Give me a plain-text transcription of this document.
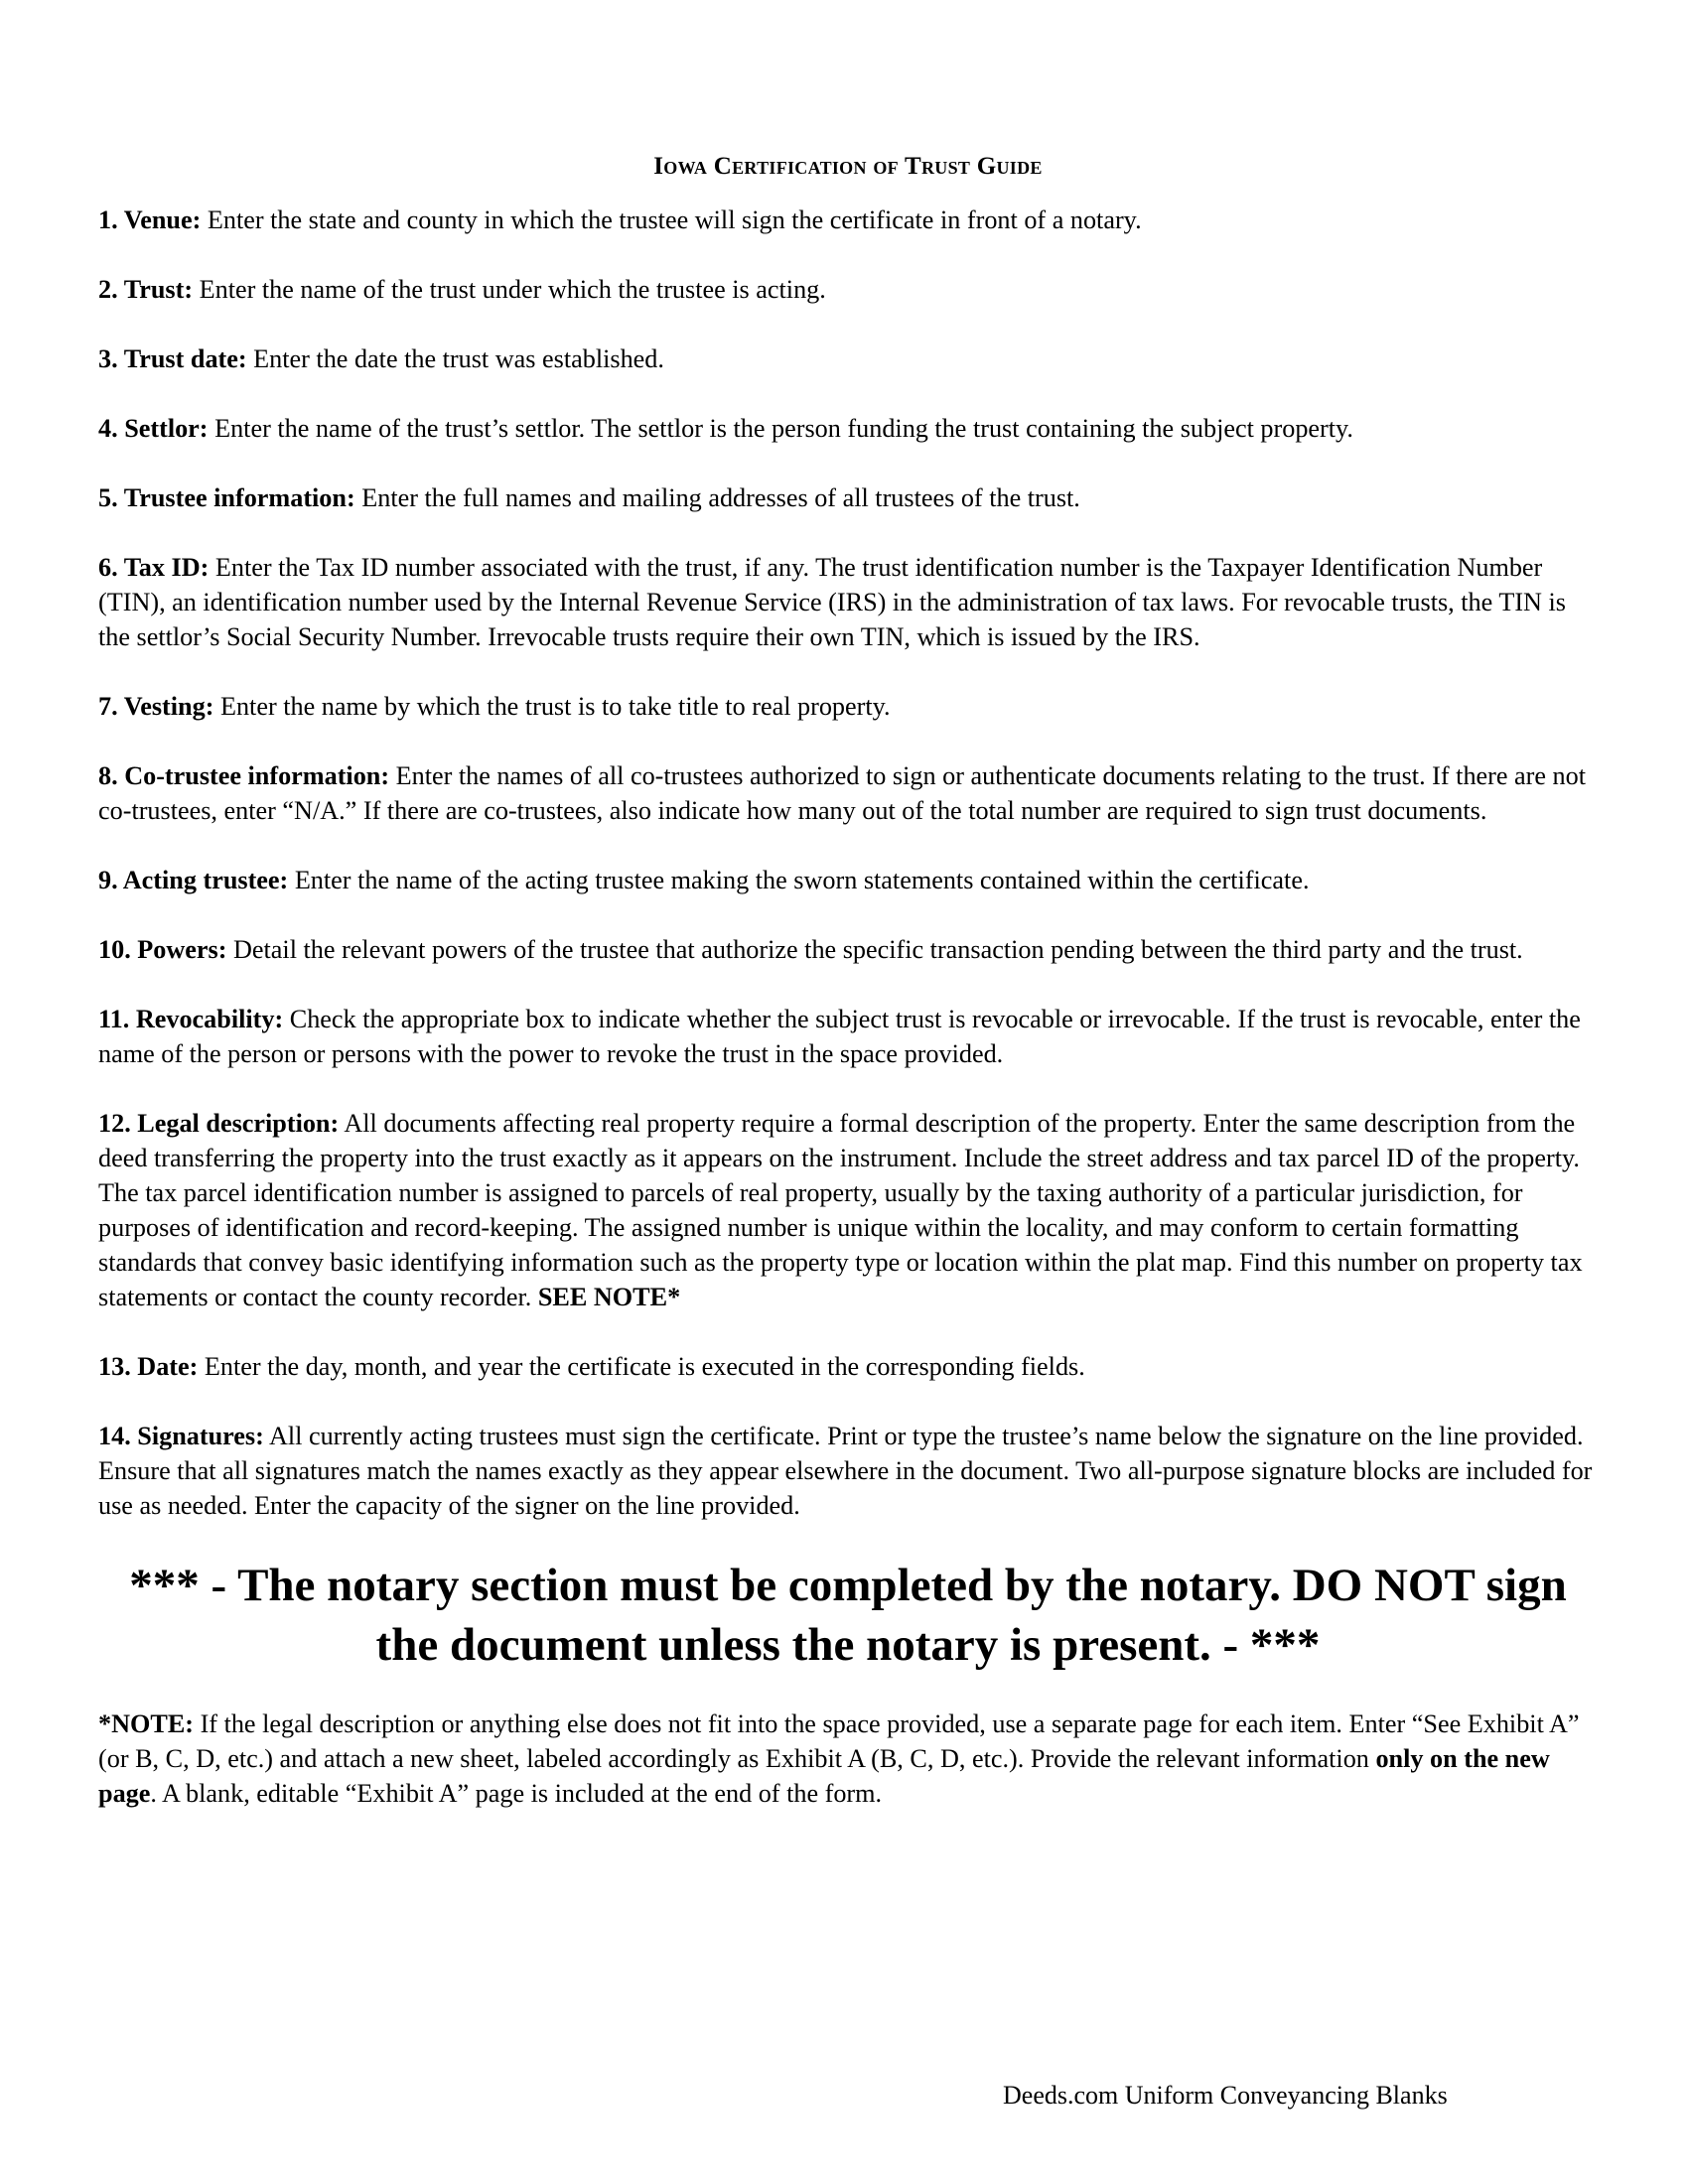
Iowa Certification of Trust Guide
1. Venue: Enter the state and county in which the trustee will sign the certificate in front of a notary.
2. Trust: Enter the name of the trust under which the trustee is acting.
3. Trust date: Enter the date the trust was established.
4. Settlor: Enter the name of the trust’s settlor. The settlor is the person funding the trust containing the subject property.
5. Trustee information: Enter the full names and mailing addresses of all trustees of the trust.
6. Tax ID: Enter the Tax ID number associated with the trust, if any. The trust identification number is the Taxpayer Identification Number (TIN), an identification number used by the Internal Revenue Service (IRS) in the administration of tax laws. For revocable trusts, the TIN is the settlor’s Social Security Number. Irrevocable trusts require their own TIN, which is issued by the IRS.
7. Vesting: Enter the name by which the trust is to take title to real property.
8. Co-trustee information: Enter the names of all co-trustees authorized to sign or authenticate documents relating to the trust. If there are not co-trustees, enter “N/A.” If there are co-trustees, also indicate how many out of the total number are required to sign trust documents.
9. Acting trustee: Enter the name of the acting trustee making the sworn statements contained within the certificate.
10. Powers: Detail the relevant powers of the trustee that authorize the specific transaction pending between the third party and the trust.
11. Revocability: Check the appropriate box to indicate whether the subject trust is revocable or irrevocable. If the trust is revocable, enter the name of the person or persons with the power to revoke the trust in the space provided.
12. Legal description: All documents affecting real property require a formal description of the property. Enter the same description from the deed transferring the property into the trust exactly as it appears on the instrument. Include the street address and tax parcel ID of the property. The tax parcel identification number is assigned to parcels of real property, usually by the taxing authority of a particular jurisdiction, for purposes of identification and record-keeping. The assigned number is unique within the locality, and may conform to certain formatting standards that convey basic identifying information such as the property type or location within the plat map. Find this number on property tax statements or contact the county recorder. SEE NOTE*
13. Date: Enter the day, month, and year the certificate is executed in the corresponding fields.
14. Signatures: All currently acting trustees must sign the certificate. Print or type the trustee’s name below the signature on the line provided. Ensure that all signatures match the names exactly as they appear elsewhere in the document. Two all-purpose signature blocks are included for use as needed. Enter the capacity of the signer on the line provided.
*** - The notary section must be completed by the notary. DO NOT sign the document unless the notary is present. - ***
*NOTE: If the legal description or anything else does not fit into the space provided, use a separate page for each item. Enter “See Exhibit A” (or B, C, D, etc.) and attach a new sheet, labeled accordingly as Exhibit A (B, C, D, etc.). Provide the relevant information only on the new page. A blank, editable “Exhibit A” page is included at the end of the form.
Deeds.com Uniform Conveyancing Blanks
